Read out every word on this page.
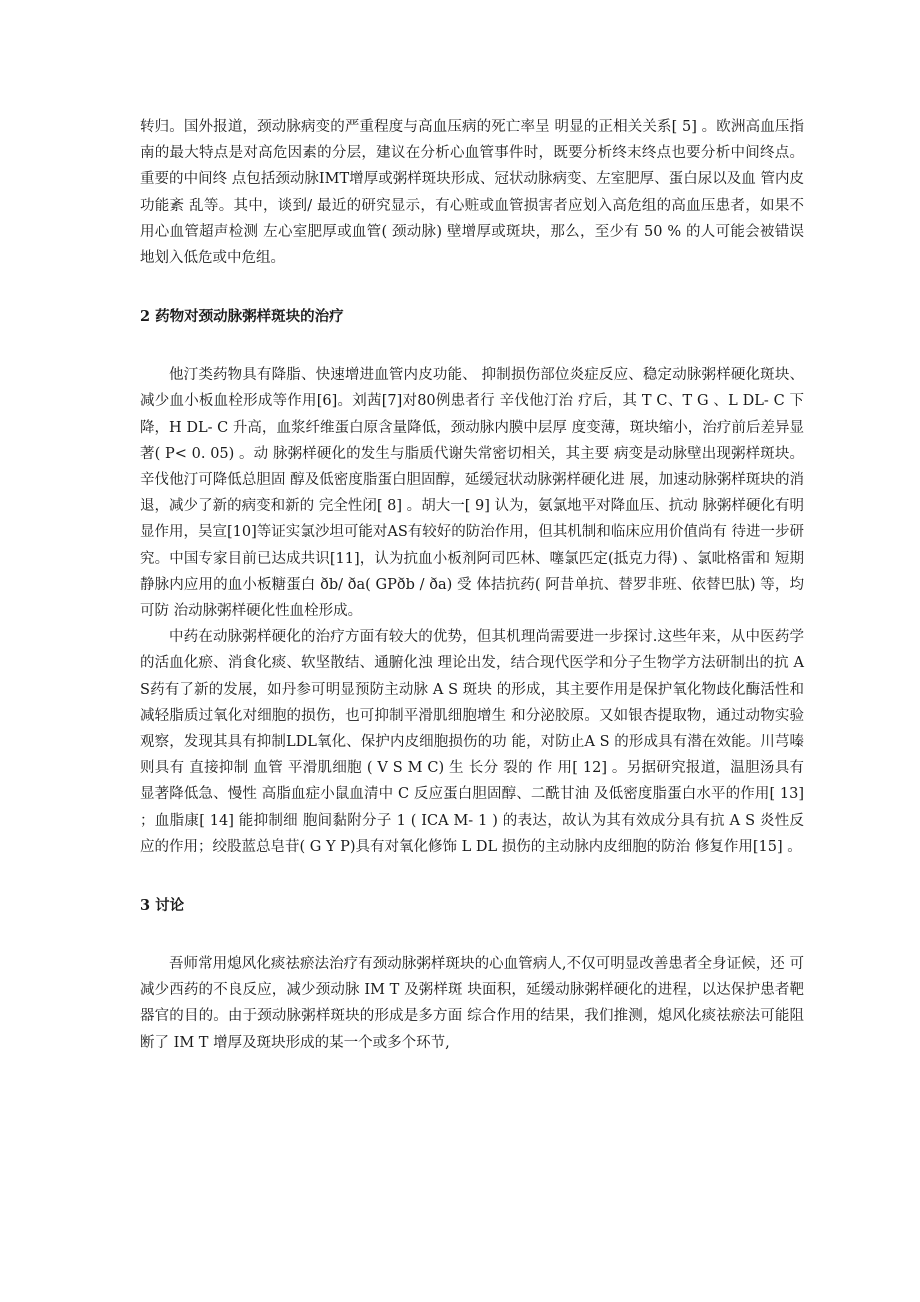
转归。国外报道，颈动脉病变的严重程度与高血压病的死亡率呈 明显的正相关关系[ 5] 。欧洲高血压指南的最大特点是对高危因素的分层，建议在分析心血管事件时，既要分析终末终点也要分析中间终点。重要的中间终 点包括颈动脉IMT增厚或粥样斑块形成、冠状动脉病变、左室肥厚、蛋白尿以及血 管内皮功能紊 乱等。其中，谈到/ 最近的研究显示，有心赃或血管损害者应划入高危组的高血压患者，如果不用心血管超声检测 左心室肥厚或血管( 颈动脉) 壁增厚或斑块，那么，至少有 50 % 的人可能会被错误地划入低危或中危组。

2 药物对颈动脉粥样斑块的治疗

他汀类药物具有降脂、快速增进血管内皮功能、 抑制损伤部位炎症反应、稳定动脉粥样硬化斑块、减少血小板血栓形成等作用[6]。刘茜[7]对80例患者行 辛伐他汀治 疗后，其 T C、T G 、L DL- C 下降，H DL- C 升高，血浆纤维蛋白原含量降低，颈动脉内膜中层厚 度变薄，斑块缩小，治疗前后差异显著( P< 0. 05) 。动 脉粥样硬化的发生与脂质代谢失常密切相关，其主要 病变是动脉壁出现粥样斑块。辛伐他汀可降低总胆固 醇及低密度脂蛋白胆固醇，延缓冠状动脉粥样硬化进 展，加速动脉粥样斑块的消退，减少了新的病变和新的 完全性闭[ 8] 。胡大一[ 9] 认为，氨氯地平对降血压、抗动 脉粥样硬化有明显作用，吴宣[10]等证实氯沙坦可能对AS有较好的防治作用，但其机制和临床应用价值尚有 待进一步研究。中国专家目前已达成共识[11]，认为抗血小板剂阿司匹林、噻氯匹定(抵克力得) 、氯吡格雷和 短期静脉内应用的血小板糖蛋白 ðb/ ða( GPðb / ða) 受 体拮抗药( 阿昔单抗、替罗非班、依替巴肽) 等，均可防 治动脉粥样硬化性血栓形成。

中药在动脉粥样硬化的治疗方面有较大的优势，但其机理尚需要进一步探讨.这些年来，从中医药学 的活血化瘀、消食化痰、软坚散结、通腑化浊 理论出发，结合现代医学和分子生物学方法研制出的抗 A S药有了新的发展，如丹参可明显预防主动脉 A S 斑块 的形成，其主要作用是保护氧化物歧化酶活性和减轻脂质过氧化对细胞的损伤，也可抑制平滑肌细胞增生 和分泌胶原。又如银杏提取物，通过动物实验观察，发现其具有抑制LDL氧化、保护内皮细胞损伤的功 能，对防止A S 的形成具有潜在效能。川芎嗪则具有 直接抑制 血管 平滑肌细胞 ( V S M C) 生 长分 裂的 作 用[ 12] 。另据研究报道，温胆汤具有显著降低急、慢性 高脂血症小鼠血清中 C 反应蛋白胆固醇、二酰甘油 及低密度脂蛋白水平的作用[ 13] ；血脂康[ 14] 能抑制细 胞间黏附分子 1 ( ICA M- 1 ) 的表达，故认为其有效成分具有抗 A S 炎性反应的作用；绞股蓝总皂苷( G Y P)具有对氧化修饰 L DL 损伤的主动脉内皮细胞的防治 修复作用[15] 。

3 讨论

吾师常用熄风化痰祛瘀法治疗有颈动脉粥样斑块的心血管病人,不仅可明显改善患者全身证候，还 可减少西药的不良反应，减少颈动脉 IM T 及粥样斑 块面积，延缓动脉粥样硬化的进程，以达保护患者靶 器官的目的。由于颈动脉粥样斑块的形成是多方面 综合作用的结果，我们推测，熄风化痰祛瘀法可能阻 断了 IM T 增厚及斑块形成的某一个或多个环节,
